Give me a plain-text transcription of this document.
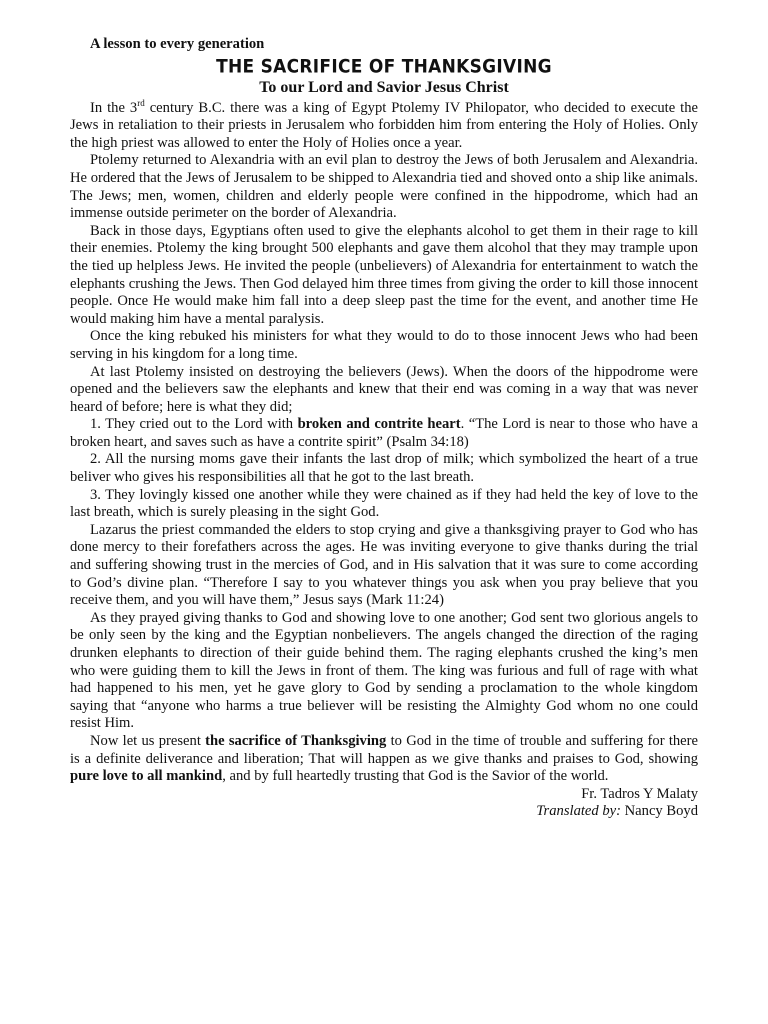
A lesson to every generation
THE SACRIFICE OF THANKSGIVING
To our Lord and Savior Jesus Christ

In the 3rd century B.C. there was a king of Egypt Ptolemy IV Philopator, who decided to execute the Jews in retaliation to their priests in Jerusalem who forbidden him from entering the Holy of Holies. Only the high priest was allowed to enter the Holy of Holies once a year.

Ptolemy returned to Alexandria with an evil plan to destroy the Jews of both Jerusalem and Alexandria. He ordered that the Jews of Jerusalem to be shipped to Alexandria tied and shoved onto a ship like animals. The Jews; men, women, children and elderly people were confined in the hippodrome, which had an immense outside perimeter on the border of Alexandria.

Back in those days, Egyptians often used to give the elephants alcohol to get them in their rage to kill their enemies. Ptolemy the king brought 500 elephants and gave them alcohol that they may trample upon the tied up helpless Jews. He invited the people (unbelievers) of Alexandria for entertainment to watch the elephants crushing the Jews. Then God delayed him three times from giving the order to kill those innocent people. Once He would make him fall into a deep sleep past the time for the event, and another time He would making him have a mental paralysis.

Once the king rebuked his ministers for what they would to do to those innocent Jews who had been serving in his kingdom for a long time.

At last Ptolemy insisted on destroying the believers (Jews). When the doors of the hippodrome were opened and the believers saw the elephants and knew that their end was coming in a way that was never heard of before; here is what they did;

1. They cried out to the Lord with broken and contrite heart. “The Lord is near to those who have a broken heart, and saves such as have a contrite spirit” (Psalm 34:18)

2. All the nursing moms gave their infants the last drop of milk; which symbolized the heart of a true beliver who gives his responsibilities all that he got to the last breath.

3. They lovingly kissed one another while they were chained as if they had held the key of love to the last breath, which is surely pleasing in the sight God.

Lazarus the priest commanded the elders to stop crying and give a thanksgiving prayer to God who has done mercy to their forefathers across the ages. He was inviting everyone to give thanks during the trial and suffering showing trust in the mercies of God, and in His salvation that it was sure to come according to God’s divine plan. “Therefore I say to you whatever things you ask when you pray believe that you receive them, and you will have them,” Jesus says (Mark 11:24)

As they prayed giving thanks to God and showing love to one another; God sent two glorious angels to be only seen by the king and the Egyptian nonbelievers. The angels changed the direction of the raging drunken elephants to direction of their guide behind them. The raging elephants crushed the king’s men who were guiding them to kill the Jews in front of them. The king was furious and full of rage with what had happened to his men, yet he gave glory to God by sending a proclamation to the whole kingdom saying that “anyone who harms a true believer will be resisting the Almighty God whom no one could resist Him.

Now let us present the sacrifice of Thanksgiving to God in the time of trouble and suffering for there is a definite deliverance and liberation; That will happen as we give thanks and praises to God, showing pure love to all mankind, and by full heartedly trusting that God is the Savior of the world.

Fr. Tadros Y Malaty
Translated by: Nancy Boyd
